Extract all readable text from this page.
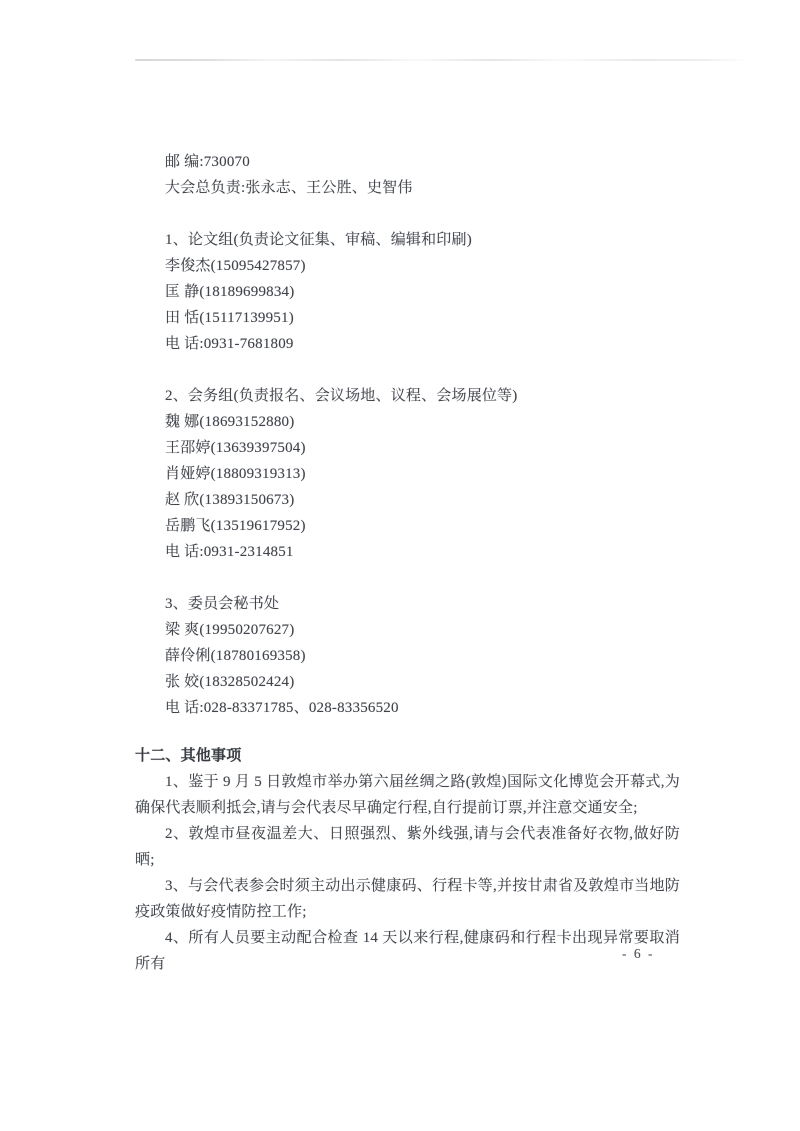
邮 编:730070
大会总负责:张永志、王公胜、史智伟
1、论文组(负责论文征集、审稿、编辑和印刷)
李俊杰(15095427857)
匡 静(18189699834)
田 恬(15117139951)
电 话:0931-7681809
2、会务组(负责报名、会议场地、议程、会场展位等)
魏 娜(18693152880)
王邵婷(13639397504)
肖娅婷(18809319313)
赵 欣(13893150673)
岳鹏飞(13519617952)
电 话:0931-2314851
3、委员会秘书处
梁 爽(19950207627)
薛伶俐(18780169358)
张 姣(18328502424)
电 话:028-83371785、028-83356520
十二、其他事项

1、鉴于 9 月 5 日敦煌市举办第六届丝绸之路(敦煌)国际文化博览会开幕式,为确保代表顺利抵会,请与会代表尽早确定行程,自行提前订票,并注意交通安全;

2、敦煌市昼夜温差大、日照强烈、紫外线强,请与会代表准备好衣物,做好防晒;

3、与会代表参会时须主动出示健康码、行程卡等,并按甘肃省及敦煌市当地防疫政策做好疫情防控工作;

4、所有人员要主动配合检查 14 天以来行程,健康码和行程卡出现异常要取消所有

- 6 -
